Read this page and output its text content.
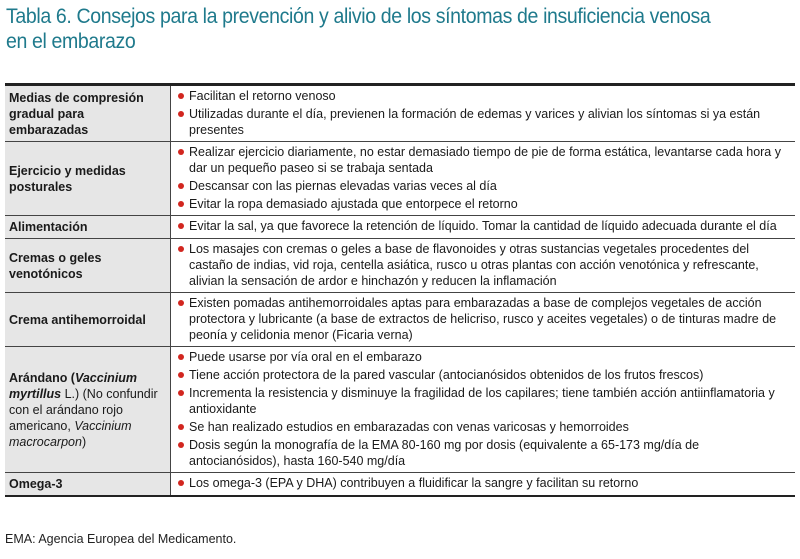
Tabla 6. Consejos para la prevención y alivio de los síntomas de insuficiencia venosa en el embarazo
Medias de compresión gradual para embarazadas
Facilitan el retorno venoso
Utilizadas durante el día, previenen la formación de edemas y varices y alivian los síntomas si ya están presentes
Ejercicio y medidas posturales
Realizar ejercicio diariamente, no estar demasiado tiempo de pie de forma estática, levantarse cada hora y dar un pequeño paseo si se trabaja sentada
Descansar con las piernas elevadas varias veces al día
Evitar la ropa demasiado ajustada que entorpece el retorno
Alimentación	Evitar la sal, ya que favorece la retención de líquido. Tomar la cantidad de líquido adecuada durante el día
Cremas o geles venotónicos
Los masajes con cremas o geles a base de flavonoides y otras sustancias vegetales procedentes del castaño de indias, vid roja, centella asiática, rusco u otras plantas con acción venotónica y refrescante, alivian la sensación de ardor e hinchazón y reducen la inflamación
Crema antihemorroidal
Existen pomadas antihemorroidales aptas para embarazadas a base de complejos vegetales de acción protectora y lubricante (a base de extractos de helicriso, rusco y aceites vegetales) o de tinturas madre de peonía y celidonia menor (Ficaria verna)
Arándano (Vaccinium myrtillus L.) (No confundir con el arándano rojo americano, Vaccinium macrocarpon)
Puede usarse por vía oral en el embarazo
Tiene acción protectora de la pared vascular (antocianósidos obtenidos de los frutos frescos)
Incrementa la resistencia y disminuye la fragilidad de los capilares; tiene también acción antiinflamatoria y antioxidante
Se han realizado estudios en embarazadas con venas varicosas y hemorroides
Dosis según la monografía de la EMA 80-160 mg por dosis (equivalente a 65-173 mg/día de antocianósidos), hasta 160-540 mg/día
Omega-3	Los omega-3 (EPA y DHA) contribuyen a fluidificar la sangre y facilitan su retorno
EMA: Agencia Europea del Medicamento.
